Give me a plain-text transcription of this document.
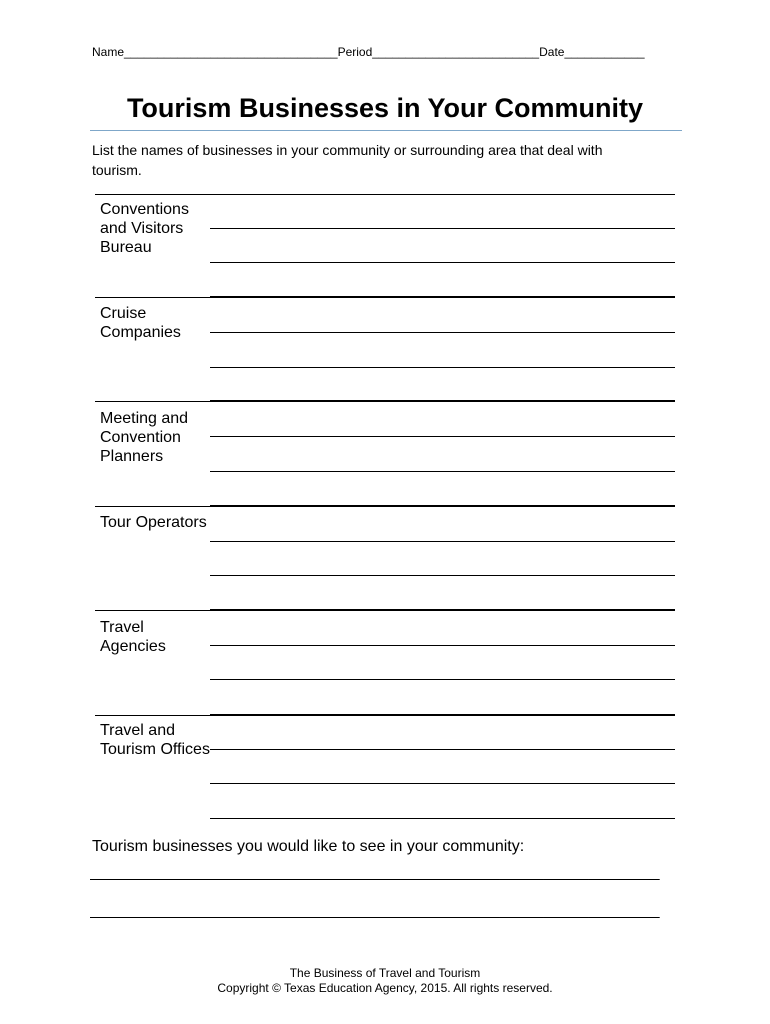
Name________________________________Period_________________________Date____________
Tourism Businesses in Your Community
List the names of businesses in your community or surrounding area that deal with tourism.
Conventions and Visitors Bureau
Cruise Companies
Meeting and Convention Planners
Tour Operators
Travel Agencies
Travel and Tourism Offices
Tourism businesses you would like to see in your community:
________________________________________________________________
________________________________________________________________
The Business of Travel and Tourism
Copyright © Texas Education Agency, 2015. All rights reserved.
